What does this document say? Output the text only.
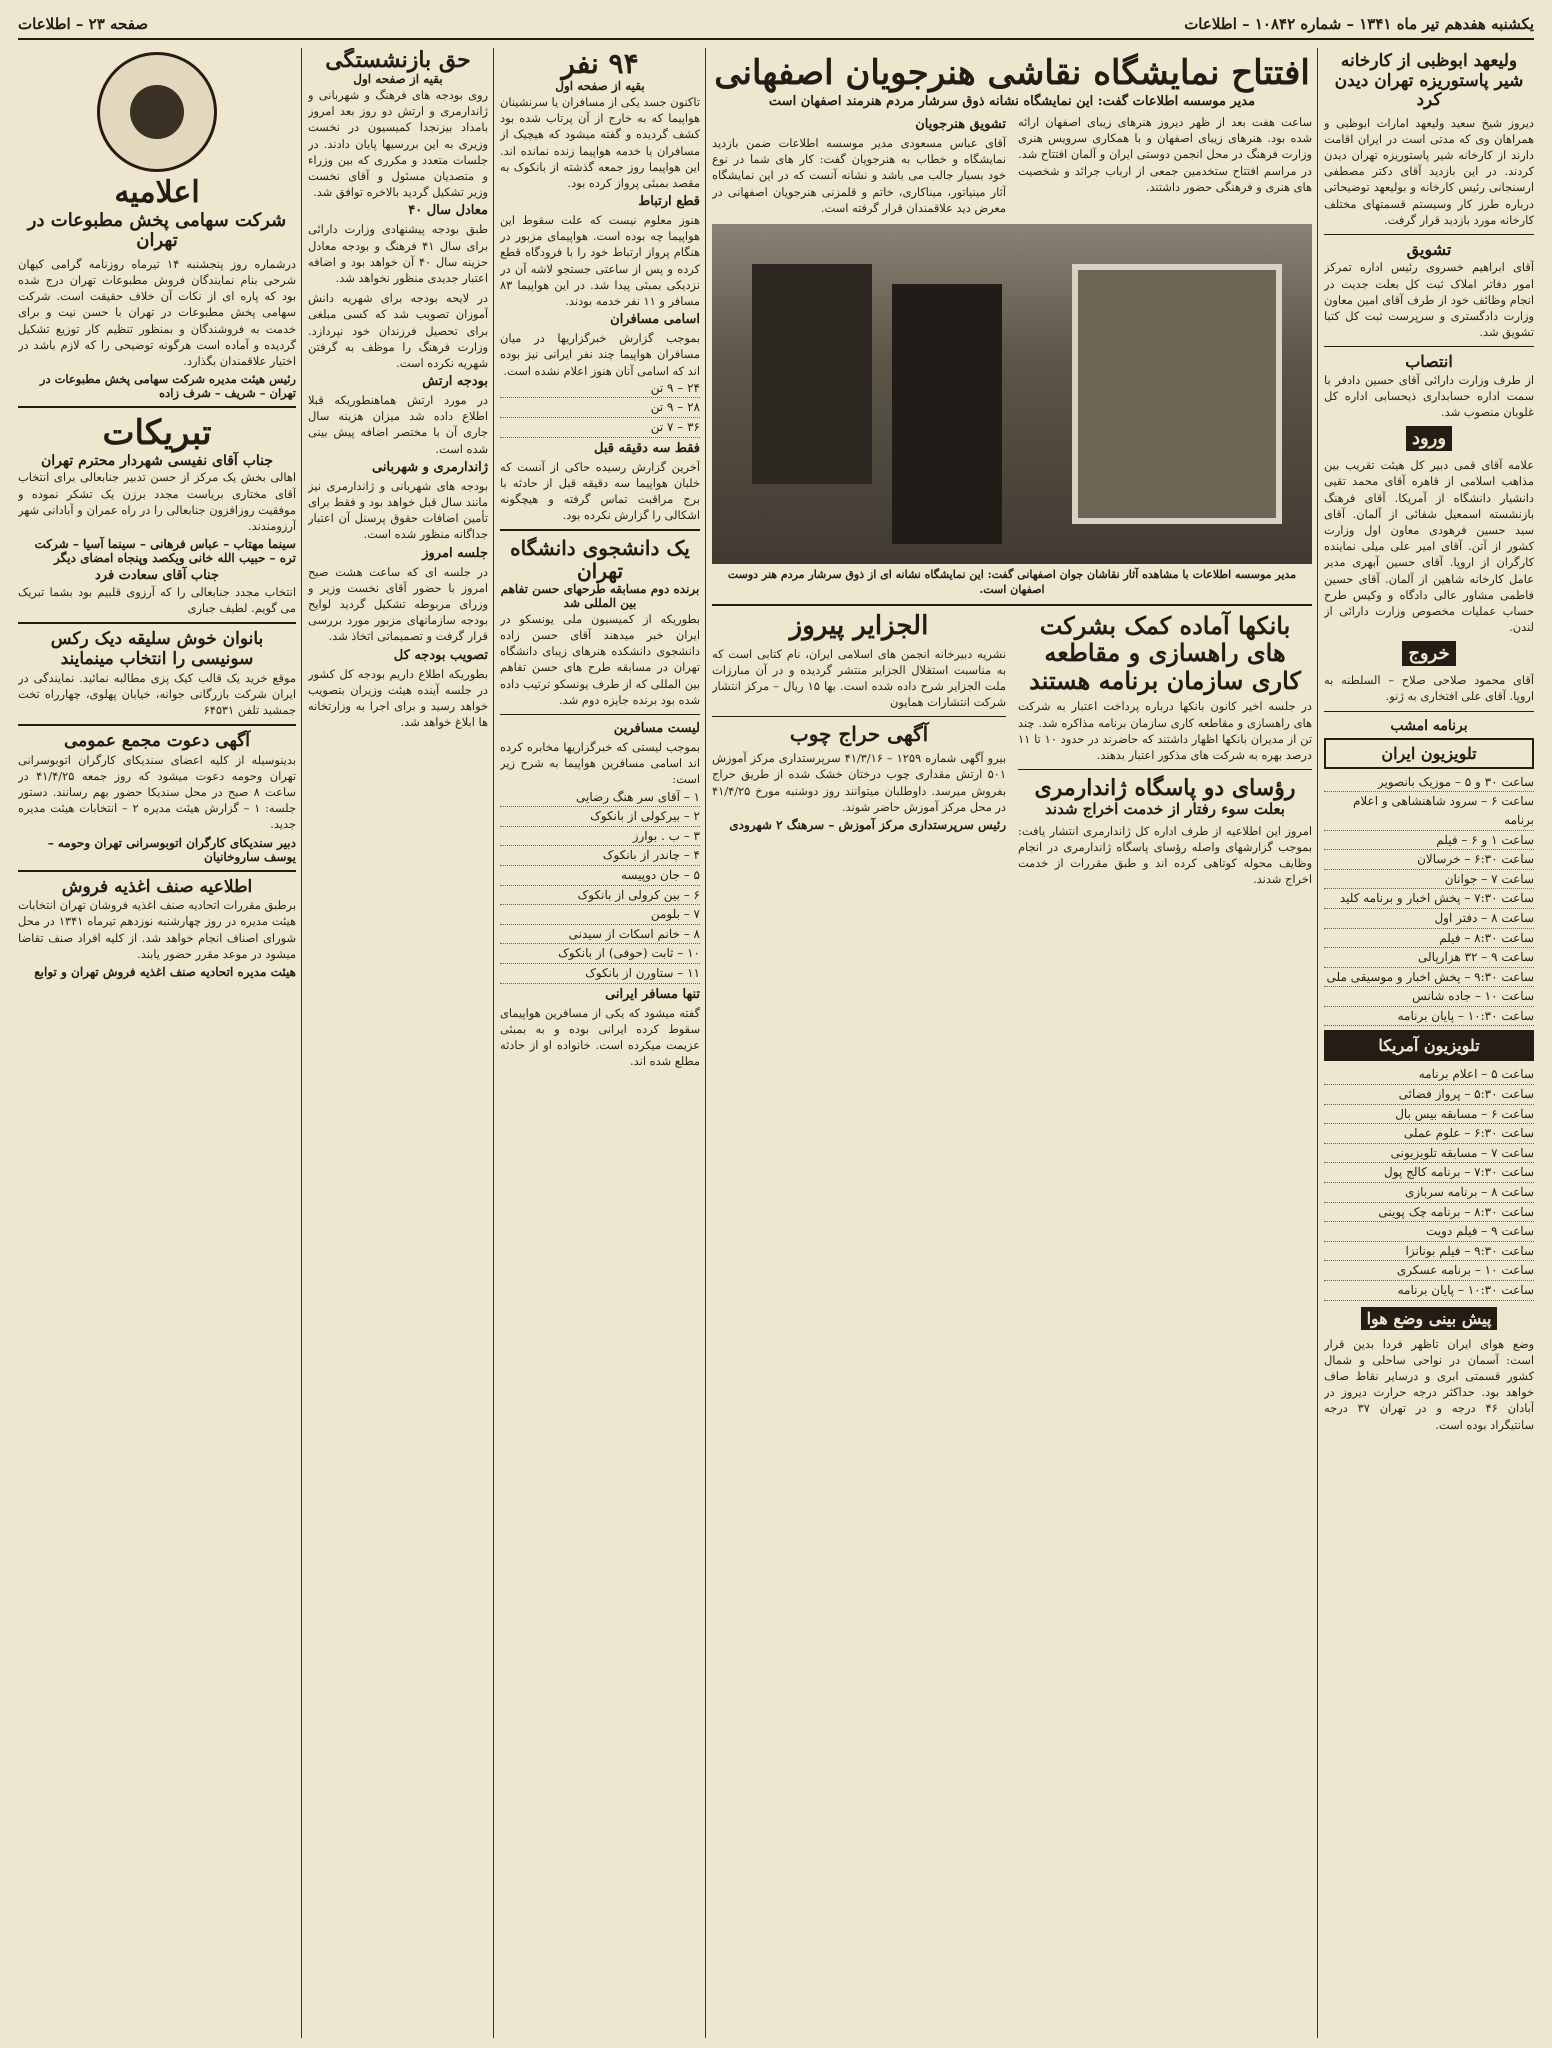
یکشنبه هفدهم تیر ماه ۱۳۴۱ – شماره ۱۰۸۴۲ – اطلاعات
صفحه ۲۳ – اطلاعات
ولیعهد ابوظبی از کارخانه شیر پاستوریزه تهران دیدن کرد
دیروز شیخ سعید ولیعهد امارات ابوظبی و همراهان وی که مدتی است در ایران اقامت دارند از کارخانه شیر پاستوریزه تهران دیدن کردند. در این بازدید آقای دکتر مصطفی ارسنجانی رئیس کارخانه و بولیعهد توضیحاتی درباره طرز کار وسیستم قسمتهای مختلف کارخانه مورد بازدید قرار گرفت.
تشویق
آقای ابراهیم خسروی رئیس اداره تمرکز امور دفاتر املاک ثبت کل بعلت جدیت در انجام وظائف خود از طرف آقای امین معاون وزارت دادگستری و سرپرست ثبت کل کتبا تشویق شد.
انتصاب
از طرف وزارت دارائی آقای حسین دادفر با سمت اداره حسابداری ذیحسابی اداره کل غلوبان منصوب شد.
ورود
علامه آقای قمی دبیر کل هیئت تقریب بین مذاهب اسلامی از قاهره آقای محمد تقیی دانشیار دانشگاه از آمریکا. آقای فرهنگ بازنشسته اسمعیل شفائی از آلمان. آقای سید حسین فرهودی معاون اول وزارت کشور از آتن. آقای امیر علی میلی نماینده کارگران از اروپا. آقای حسین آبهری مدیر عامل کارخانه شاهین از آلمان. آقای حسین فاطمی مشاور عالی دادگاه و وکیس طرح حساب عملیات مخصوص وزارت دارائی از لندن.
خروج
آقای محمود صلاحی صلاح – السلطنه به اروپا. آقای علی افتخاری به ژنو.
برنامه امشب
تلویزیون ایران
ساعت ۳۰ و ۵ – موزیک بانصویر
ساعت ۶ – سرود شاهنشاهی و اعلام برنامه
ساعت ۱ و ۶ – فیلم
ساعت ۶:۳۰ – خرسالان
ساعت ۷ – جوانان
ساعت ۷:۳۰ – پخش اخبار و برنامه کلید
ساعت ۸ – دفتر اول
ساعت ۸:۳۰ – فیلم
ساعت ۹ – ۳۲ هزارپالی
ساعت ۹:۳۰ – پخش اخبار و موسیقی ملی
ساعت ۱۰ – جاده شانس
ساعت ۱۰:۳۰ – پایان برنامه
تلویزیون آمریکا
ساعت ۵ – اعلام برنامه
ساعت ۵:۳۰ – پرواز فضائی
ساعت ۶ – مسابقه بیس بال
ساعت ۶:۳۰ – علوم عملی
ساعت ۷ – مسابقه تلویزیونی
ساعت ۷:۳۰ – برنامه کالج پول
ساعت ۸ – برنامه سربازی
ساعت ۸:۳۰ – برنامه چک پوینی
ساعت ۹ – فیلم دویت
ساعت ۹:۳۰ – فیلم بونانزا
ساعت ۱۰ – برنامه عسکری
ساعت ۱۰:۳۰ – پایان برنامه
پیش بینی وضع هوا
وضع هوای ایران تاظهر فردا بدین قرار است: آسمان در نواحی ساحلی و شمال کشور قسمتی ابری و درسایر نقاط صاف خواهد بود. حداکثر درجه حرارت دیروز در آبادان ۴۶ درجه و در تهران ۳۷ درجه سانتیگراد بوده است.
افتتاح نمایشگاه نقاشی هنرجویان اصفهانی
مدیر موسسه اطلاعات گفت: این نمایشگاه نشانه ذوق سرشار مردم هنرمند اصفهان است
ساعت هفت بعد از ظهر دیروز هنرهای زیبای اصفهان ارائه شده بود. هنرهای زیبای اصفهان و با همکاری سرویس هنری وزارت فرهنگ در محل انجمن دوستی ایران و آلمان افتتاح شد. در مراسم افتتاح ستخدمین جمعی از ارباب جرائد و شخصیت های هنری و فرهنگی حضور داشتند.
تشویق هنرجویان
آقای عباس مسعودی مدیر موسسه اطلاعات ضمن بازدید نمایشگاه و خطاب به هنرجویان گفت: کار های شما در نوع خود بسیار جالب می باشد و نشانه آنست که در این نمایشگاه آثار مینیاتور، میناکاری، خاتم و قلمزنی هنرجویان اصفهانی در معرض دید علاقمندان قرار گرفته است.
مدیر موسسه اطلاعات با مشاهده آثار نقاشان جوان اصفهانی گفت: این نمایشگاه نشانه ای از ذوق سرشار مردم هنر دوست اصفهان است.
بانکها آماده کمک بشرکت های راهسازی و مقاطعه کاری سازمان برنامه هستند
در جلسه اخیر کانون بانکها درباره پرداخت اعتبار به شرکت های راهسازی و مقاطعه کاری سازمان برنامه مذاکره شد. چند تن از مدیران بانکها اظهار داشتند که حاضرند در حدود ۱۰ تا ۱۱ درصد بهره به شرکت های مذکور اعتبار بدهند.
رؤسای دو پاسگاه ژاندارمری
بعلت سوء رفتار از خدمت اخراج شدند
امروز این اطلاعیه از طرف اداره کل ژاندارمری انتشار یافت: بموجب گزارشهای واصله رؤسای پاسگاه ژاندارمری در انجام وظایف محوله کوتاهی کرده اند و طبق مقررات از خدمت اخراج شدند.
الجزایر پیروز
نشریه دبیرخانه انجمن های اسلامی ایران، نام کتابی است که به مناسبت استقلال الجزایر منتشر گردیده و در آن مبارزات ملت الجزایر شرح داده شده است. بها ۱۵ ریال – مرکز انتشار شرکت انتشارات همایون
آگهی حراج چوب
بیرو آگهی شماره ۱۲۵۹ – ۴۱/۳/۱۶ سرپرستداری مرکز آموزش ۵۰۱ ارتش مقداری چوب درختان خشک شده از طریق حراج بفروش میرسد. داوطلبان میتوانند روز دوشنبه مورخ ۴۱/۴/۲۵ در محل مرکز آموزش حاضر شوند.
رئیس سرپرستداری مرکز آموزش – سرهنگ ۲ شهرودی
۹۴ نفر
بقیه از صفحه اول
تاکنون جسد یکی از مسافران یا سرنشینان هواپیما که به خارج از آن پرتاب شده بود کشف گردیده و گفته میشود که هیچیک از مسافران یا خدمه هواپیما زنده نمانده اند. این هواپیما روز جمعه گذشته از بانکوک به مقصد بمبئی پرواز کرده بود.
قطع ارتباط
هنوز معلوم نیست که علت سقوط این هواپیما چه بوده است. هواپیمای مزبور در هنگام پرواز ارتباط خود را با فرودگاه قطع کرده و پس از ساعتی جستجو لاشه آن در نزدیکی بمبئی پیدا شد. در این هواپیما ۸۳ مسافر و ۱۱ نفر خدمه بودند.
اسامی مسافران
بموجب گزارش خبرگزاریها در میان مسافران هواپیما چند نفر ایرانی نیز بوده اند که اسامی آنان هنوز اعلام نشده است.
۲۴ – ۹ تن
۲۸ – ۹ تن
۳۶ – ۷ تن
فقط سه دقیقه قبل
آخرین گزارش رسیده حاکی از آنست که خلبان هواپیما سه دقیقه قبل از حادثه با برج مراقبت تماس گرفته و هیچگونه اشکالی را گزارش نکرده بود.
یک دانشجوی دانشگاه تهران
برنده دوم مسابقه طرحهای حسن تفاهم بین المللی شد
بطوریکه از کمیسیون ملی یونسکو در ایران خبر میدهند آقای حسن زاده دانشجوی دانشکده هنرهای زیبای دانشگاه تهران در مسابقه طرح های حسن تفاهم بین المللی که از طرف یونسکو ترتیب داده شده بود برنده جایزه دوم شد.
لیست مسافرین
بموجب لیستی که خبرگزاریها مخابره کرده اند اسامی مسافرین هواپیما به شرح زیر است:
۱ – آقای سر هنگ رضایی
۲ – بیرکولی از بانکوک
۳ – ب . بوارز
۴ – چاندر از بانکوک
۵ – جان دوپیسه
۶ – بین کرولی از بانکوک
۷ – بلومن
۸ – خانم اسکات از سیدنی
۱۰ – ثابت (حوفی) از بانکوک
۱۱ – ستاورن از بانکوک
تنها مسافر ایرانی
گفته میشود که یکی از مسافرین هواپیمای سقوط کرده ایرانی بوده و به بمبئی عزیمت میکرده است. خانواده او از حادثه مطلع شده اند.
حق بازنشستگی
بقیه از صفحه اول
روی بودجه های فرهنگ و شهربانی و ژاندارمری و ارتش دو روز بعد امروز بامداد بیزنجدا کمیسیون در نخست وزیری به این بررسیها پایان دادند. در جلسات متعدد و مکرری که بین وزراء و متصدیان مسئول و آقای نخست وزیر تشکیل گردید بالاخره توافق شد.
معادل سال ۴۰
طبق بودجه پیشنهادی وزارت دارائی برای سال ۴۱ فرهنگ و بودجه معادل حزینه سال ۴۰ آن خواهد بود و اضافه اعتبار جدیدی منظور نخواهد شد.
در لایحه بودجه برای شهریه دانش آموزان تصویب شد که کسی مبلغی برای تحصیل فرزندان خود نپردازد. وزارت فرهنگ را موظف به گرفتن شهریه نکرده است.
بودجه ارتش
در مورد ارتش هماهنطوریکه قبلا اطلاع داده شد میزان هزینه سال جاری آن با مختصر اضافه پیش بینی شده است.
ژاندارمری و شهربانی
بودجه های شهربانی و ژاندارمری نیز مانند سال قبل خواهد بود و فقط برای تأمین اضافات حقوق پرسنل آن اعتبار جداگانه منظور شده است.
جلسه امروز
در جلسه ای که ساعت هشت صبح امروز با حضور آقای نخست وزیر و وزرای مربوطه تشکیل گردید لوایح بودجه سازمانهای مزبور مورد بررسی قرار گرفت و تصمیماتی اتخاذ شد.
تصویب بودجه کل
بطوریکه اطلاع داریم بودجه کل کشور در جلسه آینده هیئت وزیران بتصویب خواهد رسید و برای اجرا به وزارتخانه ها ابلاغ خواهد شد.
اعلامیه
شرکت سهامی پخش مطبوعات در تهران
درشماره روز پنجشنبه ۱۴ تیرماه روزنامه گرامی کیهان شرحی بنام نمایندگان فروش مطبوعات تهران درج شده بود که پاره ای از نکات آن خلاف حقیقت است. شرکت سهامی پخش مطبوعات در تهران با حسن نیت و برای خدمت به فروشندگان و بمنظور تنظیم کار توزیع تشکیل گردیده و آماده است هرگونه توضیحی را که لازم باشد در اختیار علاقمندان بگذارد.
رئیس هیئت مدیره شرکت سهامی پخش مطبوعات در تهران – شریف – شرف زاده
تبریکات
جناب آقای نفیسی شهردار محترم تهران
اهالی بخش یک مرکز از حسن تدبیر جنابعالی برای انتخاب آقای مختاری بریاست مجدد برزن یک تشکر نموده و موفقیت روزافزون جنابعالی را در راه عمران و آبادانی شهر آرزومندند.
سینما مهتاب – عباس فرهانی – سینما آسیا – شرکت تره – حبیب الله خانی ویکصد وپنجاه امضای دیگر
جناب آقای سعادت فرد
انتخاب مجدد جنابعالی را که آرزوی قلبیم بود بشما تبریک می گویم. لطیف جباری
بانوان خوش سلیقه دیک رکس سونیسی را انتخاب مینمایند
موقع خرید یک قالب کیک پزی مطالبه نمائید. نمایندگی در ایران شرکت بازرگانی جوانه، خیابان پهلوی، چهارراه تخت جمشید تلفن ۶۴۵۳۱
آگهی دعوت مجمع عمومی
بدینوسیله از کلیه اعضای سندیکای کارگران اتوبوسرانی تهران وحومه دعوت میشود که روز جمعه ۴۱/۴/۲۵ در ساعت ۸ صبح در محل سندیکا حضور بهم رسانند. دستور جلسه: ۱ – گزارش هیئت مدیره ۲ – انتخابات هیئت مدیره جدید.
دبیر سندیکای کارگران اتوبوسرانی تهران وحومه – یوسف ساروخانیان
اطلاعیه صنف اغذیه فروش
برطبق مقررات اتحادیه صنف اغذیه فروشان تهران انتخابات هیئت مدیره در روز چهارشنبه نوزدهم تیرماه ۱۳۴۱ در محل شورای اصناف انجام خواهد شد. از کلیه افراد صنف تقاضا میشود در موعد مقرر حضور یابند.
هیئت مدیره اتحادیه صنف اغذیه فروش تهران و توابع
